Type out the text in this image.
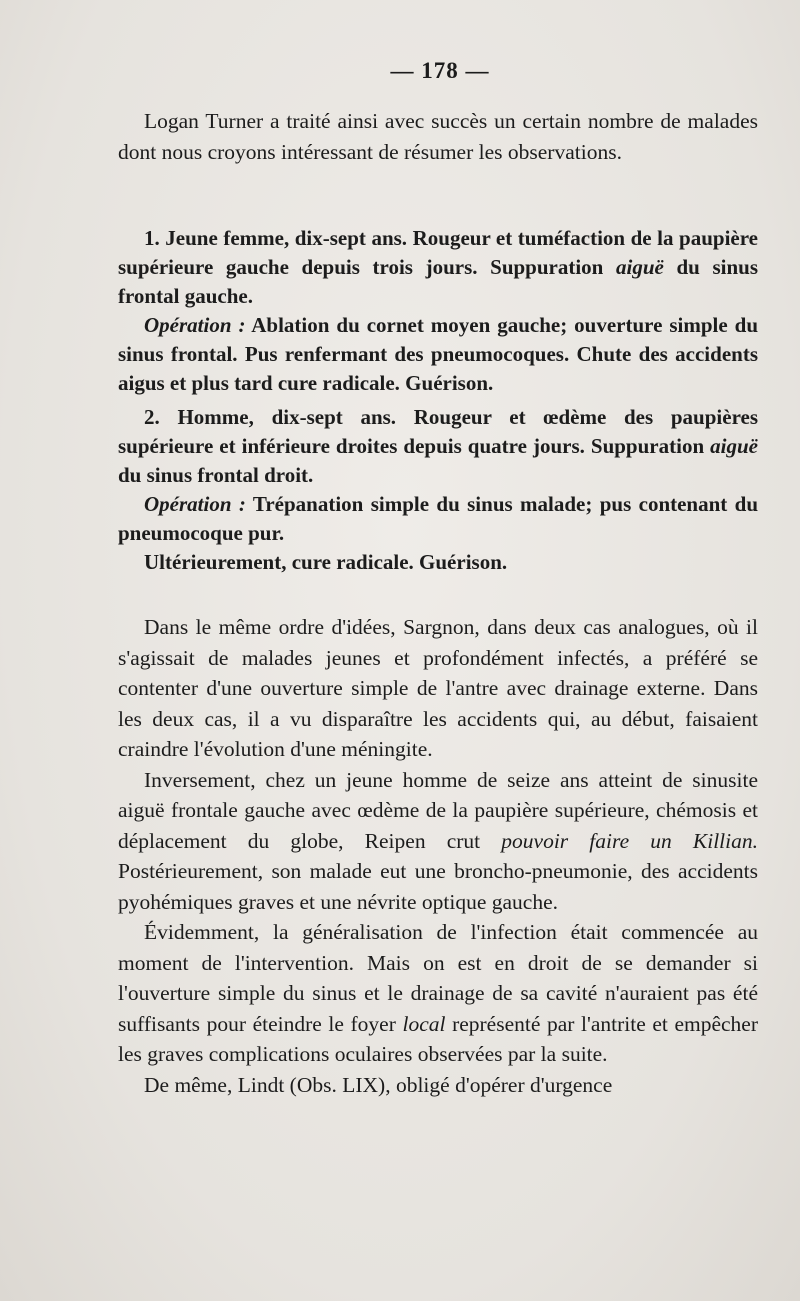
— 178 —

Logan Turner a traité ainsi avec succès un certain nombre de malades dont nous croyons intéressant de résumer les observations.

1. Jeune femme, dix-sept ans. Rougeur et tuméfaction de la paupière supérieure gauche depuis trois jours. Suppuration aiguë du sinus frontal gauche.

Opération : Ablation du cornet moyen gauche; ouverture simple du sinus frontal. Pus renfermant des pneumocoques. Chute des accidents aigus et plus tard cure radicale. Guérison.

2. Homme, dix-sept ans. Rougeur et œdème des paupières supérieure et inférieure droites depuis quatre jours. Suppuration aiguë du sinus frontal droit.

Opération : Trépanation simple du sinus malade; pus contenant du pneumocoque pur.

Ultérieurement, cure radicale. Guérison.

Dans le même ordre d'idées, Sargnon, dans deux cas analogues, où il s'agissait de malades jeunes et profondément infectés, a préféré se contenter d'une ouverture simple de l'antre avec drainage externe. Dans les deux cas, il a vu disparaître les accidents qui, au début, faisaient craindre l'évolution d'une méningite.

Inversement, chez un jeune homme de seize ans atteint de sinusite aiguë frontale gauche avec œdème de la paupière supérieure, chémosis et déplacement du globe, Reipen crut pouvoir faire un Killian. Postérieurement, son malade eut une broncho-pneumonie, des accidents pyohémiques graves et une névrite optique gauche.

Évidemment, la généralisation de l'infection était commencée au moment de l'intervention. Mais on est en droit de se demander si l'ouverture simple du sinus et le drainage de sa cavité n'auraient pas été suffisants pour éteindre le foyer local représenté par l'antrite et empêcher les graves complications oculaires observées par la suite.

De même, Lindt (Obs. LIX), obligé d'opérer d'urgence
